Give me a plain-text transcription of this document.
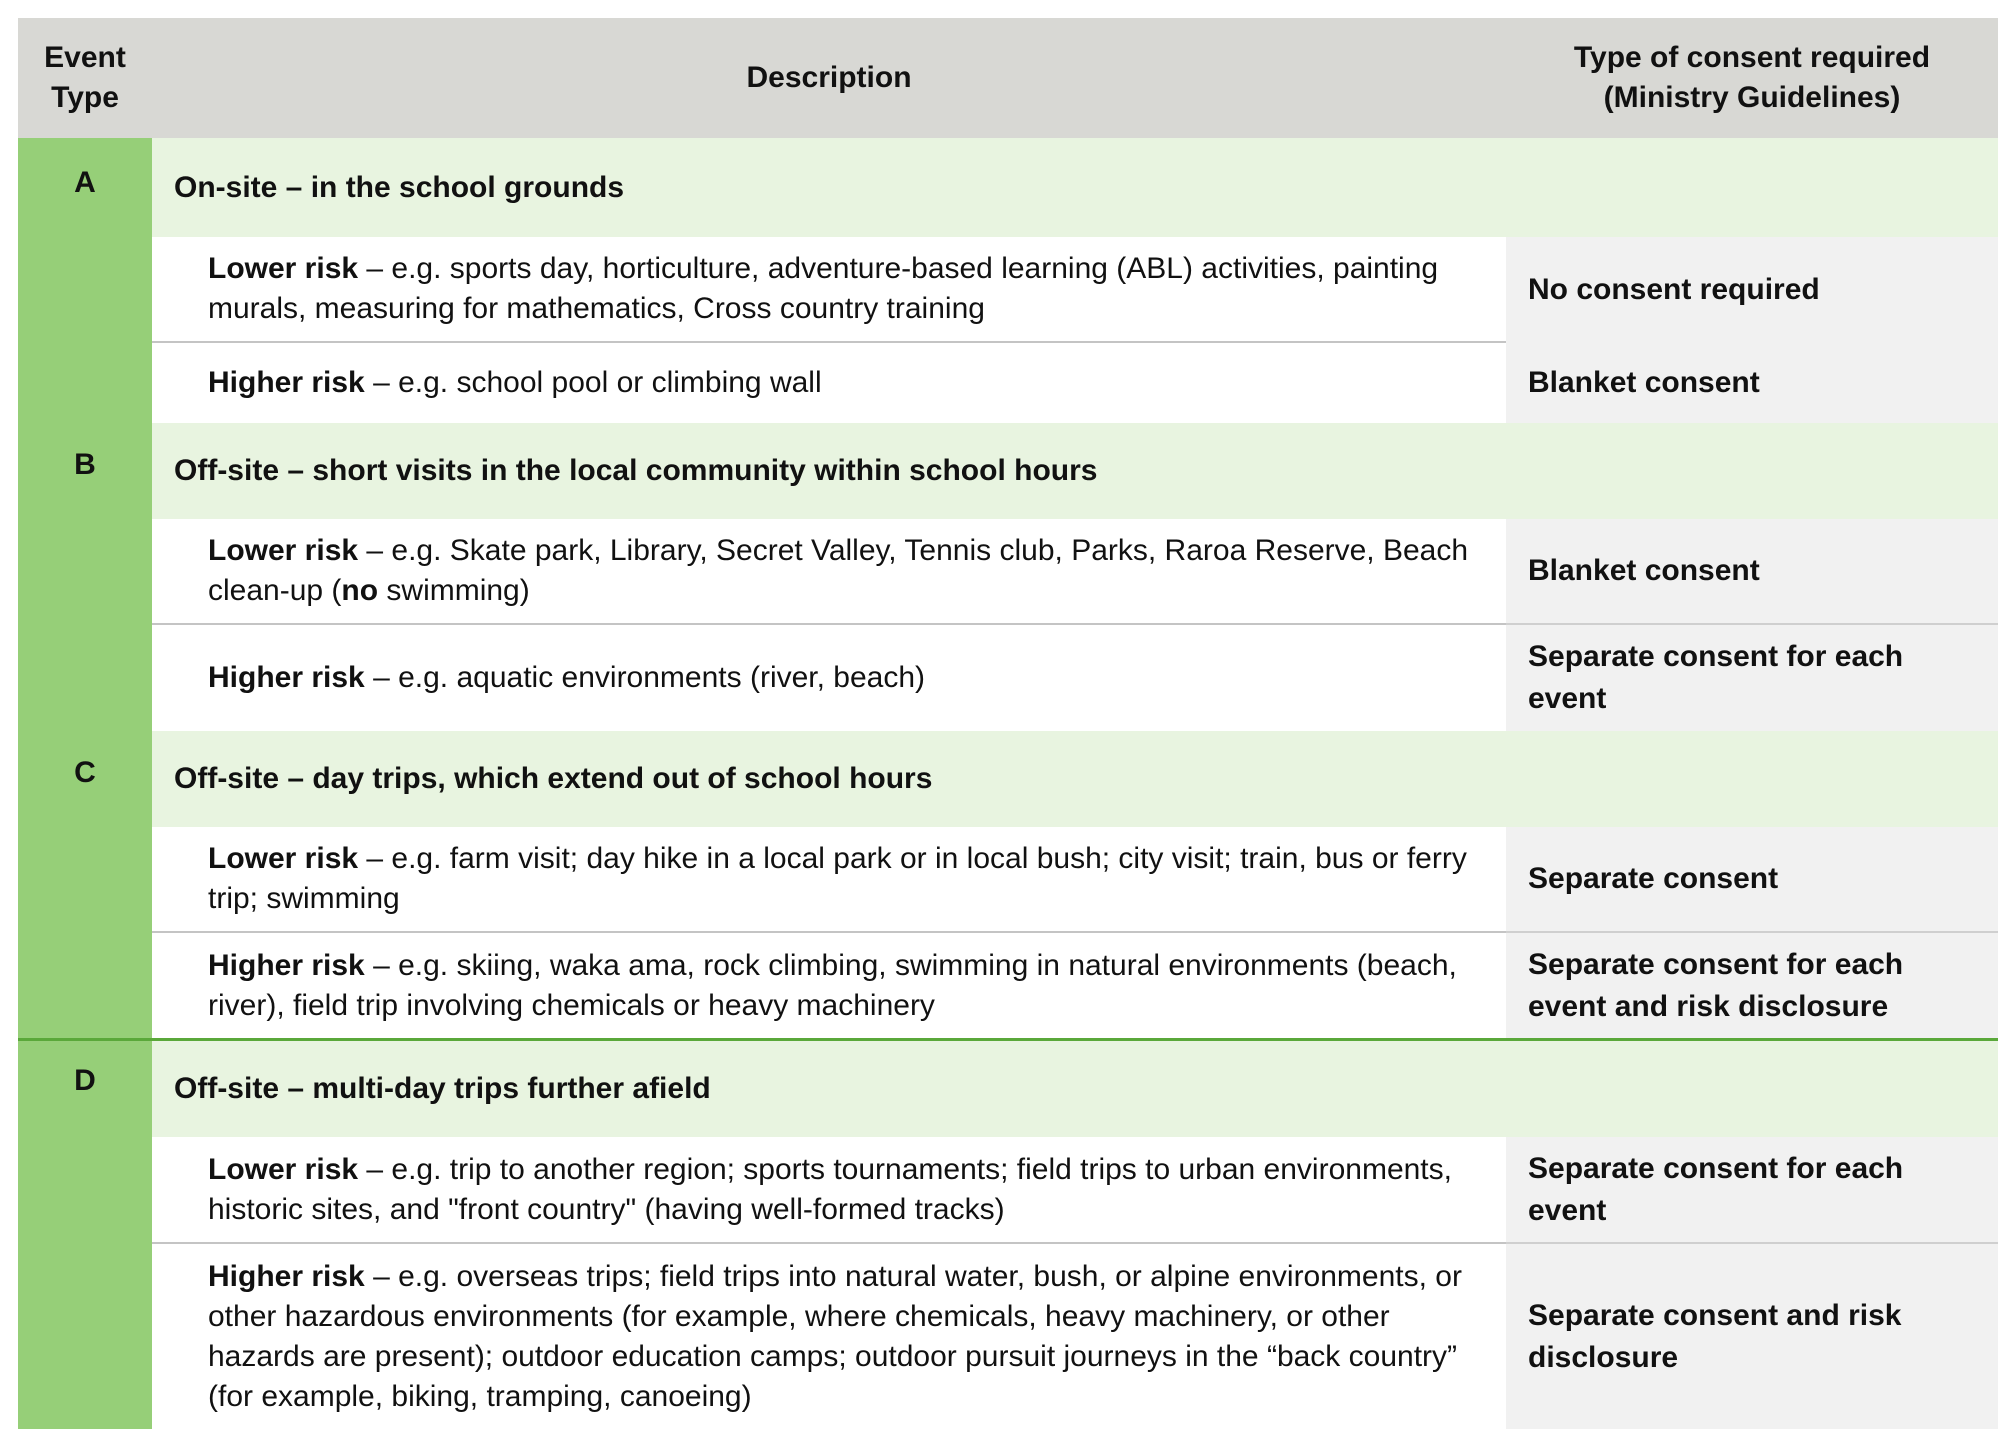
Event Type
Description
Type of consent required (Ministry Guidelines)
A
B
C
D
On-site – in the school grounds
Lower risk – e.g. sports day, horticulture, adventure-based learning (ABL) activities, painting murals, measuring for mathematics, Cross country training
No consent required
Higher risk – e.g. school pool or climbing wall	Blanket consent
Off-site – short visits in the local community within school hours
Lower risk – e.g. Skate park, Library, Secret Valley, Tennis club, Parks, Raroa Reserve, Beach clean-up (no swimming)
Blanket consent
Higher risk – e.g. aquatic environments (river, beach)
Separate consent for each event
Off-site – day trips, which extend out of school hours
Lower risk – e.g. farm visit; day hike in a local park or in local bush; city visit; train, bus or ferry trip; swimming
Separate consent
Higher risk – e.g. skiing, waka ama, rock climbing, swimming in natural environments (beach, river), field trip involving chemicals or heavy machinery
Separate consent for each event and risk disclosure
Off-site – multi-day trips further afield
Lower risk – e.g. trip to another region; sports tournaments; field trips to urban environments, historic sites, and "front country" (having well-formed tracks)
Separate consent for each event
Higher risk – e.g. overseas trips; field trips into natural water, bush, or alpine environments, or other hazardous environments (for example, where chemicals, heavy machinery, or other hazards are present); outdoor education camps; outdoor pursuit journeys in the “back country” (for example, biking, tramping, canoeing)
Separate consent and risk disclosure
